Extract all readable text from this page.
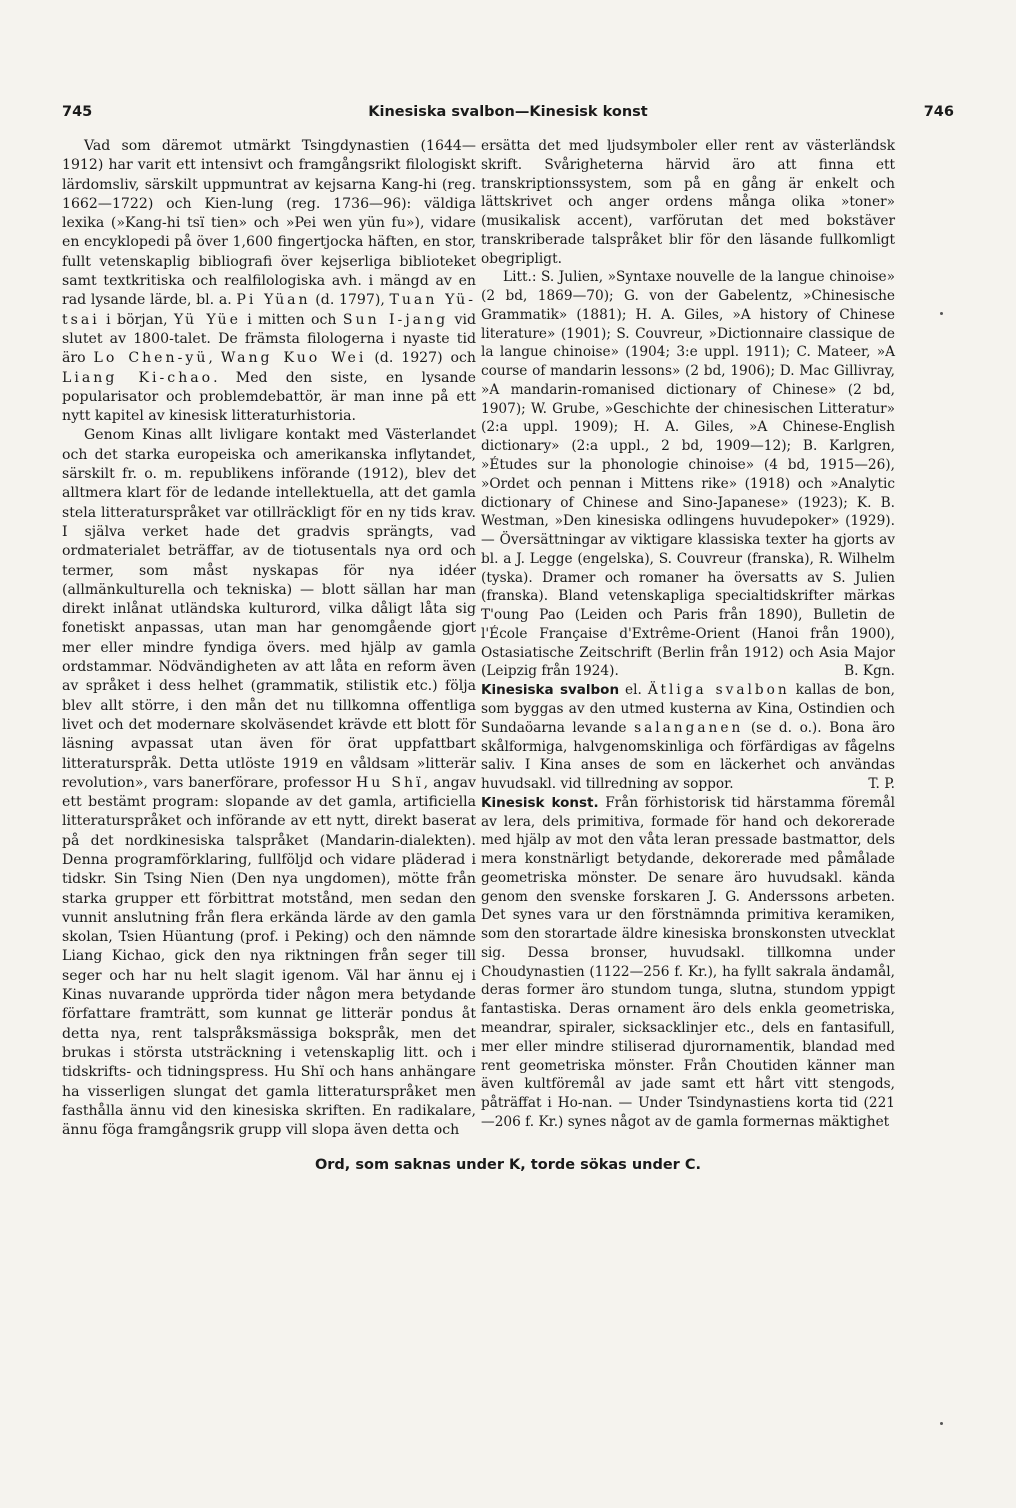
745	Kinesiska svalbon—Kinesisk konst	746

Vad som däremot utmärkt Tsingdynastien (1644—1912) har varit ett intensivt och framgångsrikt filologiskt lärdomsliv, särskilt uppmuntrat av kejsarna Kang-hi (reg. 1662—1722) och Kien-lung (reg. 1736—96): väldiga lexika (»Kang-hi tsï tien» och »Pei wen yün fu»), vidare en encyklopedi på över 1,600 fingertjocka häften, en stor, fullt vetenskaplig bibliografi över kejserliga biblioteket samt textkritiska och realfilologiska avh. i mängd av en rad lysande lärde, bl. a. Pi Yüan (d. 1797), Tuan Yü-tsai i början, Yü Yüe i mitten och Sun I-jang vid slutet av 1800-talet. De främsta filologerna i nyaste tid äro Lo Chen-yü, Wang Kuo Wei (d. 1927) och Liang Ki-chao. Med den siste, en lysande popularisator och problemdebattör, är man inne på ett nytt kapitel av kinesisk litteraturhistoria.

Genom Kinas allt livligare kontakt med Västerlandet och det starka europeiska och amerikanska inflytandet, särskilt fr. o. m. republikens införande (1912), blev det alltmera klart för de ledande intellektuella, att det gamla stela litteraturspråket var otillräckligt för en ny tids krav. I själva verket hade det gradvis sprängts, vad ordmaterialet beträffar, av de tiotusentals nya ord och termer, som måst nyskapas för nya idéer (allmänkulturella och tekniska) — blott sällan har man direkt inlånat utländska kulturord, vilka dåligt låta sig fonetiskt anpassas, utan man har genomgående gjort mer eller mindre fyndiga övers. med hjälp av gamla ordstammar. Nödvändigheten av att låta en reform även av språket i dess helhet (grammatik, stilistik etc.) följa blev allt större, i den mån det nu tillkomna offentliga livet och det modernare skolväsendet krävde ett blott för läsning avpassat utan även för örat uppfattbart litteraturspråk. Detta utlöste 1919 en våldsam »litterär revolution», vars banerförare, professor Hu Shï, angav ett bestämt program: slopande av det gamla, artificiella litteraturspråket och införande av ett nytt, direkt baserat på det nordkinesiska talspråket (Mandarin-dialekten). Denna programförklaring, fullföljd och vidare pläderad i tidskr. Sin Tsing Nien (Den nya ungdomen), mötte från starka grupper ett förbittrat motstånd, men sedan den vunnit anslutning från flera erkända lärde av den gamla skolan, Tsien Hüantung (prof. i Peking) och den nämnde Liang Kichao, gick den nya riktningen från seger till seger och har nu helt slagit igenom. Väl har ännu ej i Kinas nuvarande upprörda tider någon mera betydande författare framträtt, som kunnat ge litterär pondus åt detta nya, rent talspråksmässiga bokspråk, men det brukas i största utsträckning i vetenskaplig litt. och i tidskrifts- och tidningspress. Hu Shï och hans anhängare ha visserligen slungat det gamla litteraturspråket men fasthålla ännu vid den kinesiska skriften. En radikalare, ännu föga framgångsrik grupp vill slopa även detta och

ersätta det med ljudsymboler eller rent av västerländsk skrift. Svårigheterna härvid äro att finna ett transkriptionssystem, som på en gång är enkelt och lättskrivet och anger ordens många olika »toner» (musikalisk accent), varförutan det med bokstäver transkriberade talspråket blir för den läsande fullkomligt obegripligt.

Litt.: S. Julien, »Syntaxe nouvelle de la langue chinoise» (2 bd, 1869—70); G. von der Gabelentz, »Chinesische Grammatik» (1881); H. A. Giles, »A history of Chinese literature» (1901); S. Couvreur, »Dictionnaire classique de la langue chinoise» (1904; 3:e uppl. 1911); C. Mateer, »A course of mandarin lessons» (2 bd, 1906); D. Mac Gillivray, »A mandarin-romanised dictionary of Chinese» (2 bd, 1907); W. Grube, »Geschichte der chinesischen Litteratur» (2:a uppl. 1909); H. A. Giles, »A Chinese-English dictionary» (2:a uppl., 2 bd, 1909—12); B. Karlgren, »Études sur la phonologie chinoise» (4 bd, 1915—26), »Ordet och pennan i Mittens rike» (1918) och »Analytic dictionary of Chinese and Sino-Japanese» (1923); K. B. Westman, »Den kinesiska odlingens huvudepoker» (1929). — Översättningar av viktigare klassiska texter ha gjorts av bl. a J. Legge (engelska), S. Couvreur (franska), R. Wilhelm (tyska). Dramer och romaner ha översatts av S. Julien (franska). Bland vetenskapliga specialtidskrifter märkas T'oung Pao (Leiden och Paris från 1890), Bulletin de l'École Française d'Extrême-Orient (Hanoi från 1900), Ostasiatische Zeitschrift (Berlin från 1912) och Asia Major (Leipzig från 1924).	B. Kgn.

Kinesiska svalbon el. Ätliga svalbon kallas de bon, som byggas av den utmed kusterna av Kina, Ostindien och Sundaöarna levande salanganen (se d. o.). Bona äro skålformiga, halvgenomskinliga och förfärdigas av fågelns saliv. I Kina anses de som en läckerhet och användas huvudsakl. vid tillredning av soppor.	T. P.

Kinesisk konst. Från förhistorisk tid härstamma föremål av lera, dels primitiva, formade för hand och dekorerade med hjälp av mot den våta leran pressade bastmattor, dels mera konstnärligt betydande, dekorerade med påmålade geometriska mönster. De senare äro huvudsakl. kända genom den svenske forskaren J. G. Anderssons arbeten. Det synes vara ur den förstnämnda primitiva keramiken, som den storartade äldre kinesiska bronskonsten utvecklat sig. Dessa bronser, huvudsakl. tillkomna under Choudynastien (1122—256 f. Kr.), ha fyllt sakrala ändamål, deras former äro stundom tunga, slutna, stundom yppigt fantastiska. Deras ornament äro dels enkla geometriska, meandrar, spiraler, sicksacklinjer etc., dels en fantasifull, mer eller mindre stiliserad djurornamentik, blandad med rent geometriska mönster. Från Choutiden känner man även kultföremål av jade samt ett hårt vitt stengods, påträffat i Ho-nan. — Under Tsindynastiens korta tid (221—206 f. Kr.) synes något av de gamla formernas mäktighet

Ord, som saknas under K, torde sökas under C.
